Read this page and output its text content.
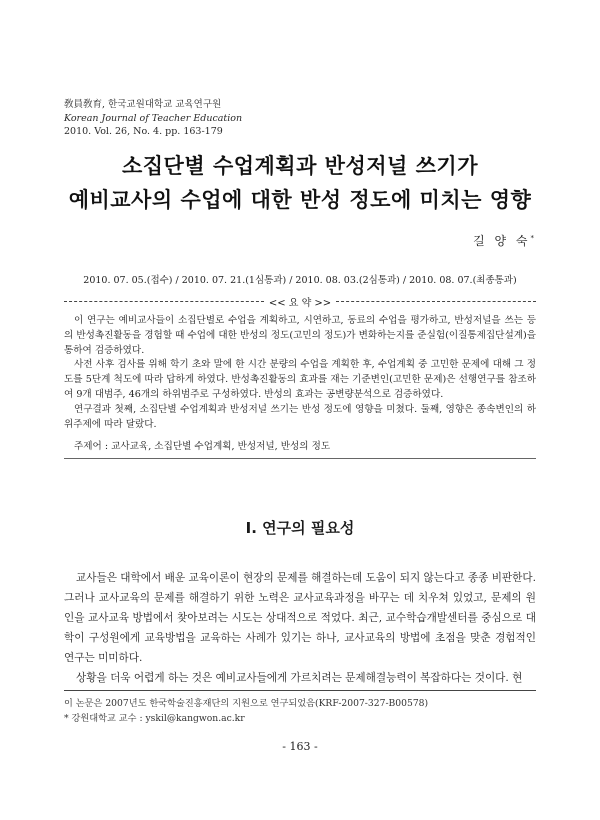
敎員敎育, 한국교원대학교 교육연구원
Korean Journal of Teacher Education
2010. Vol. 26, No. 4. pp. 163-179
소집단별 수업계획과 반성저널 쓰기가
예비교사의 수업에 대한 반성 정도에 미치는 영향
길 양 숙*
2010. 07. 05.(접수) / 2010. 07. 21.(1심통과) / 2010. 08. 03.(2심통과) / 2010. 08. 07.(최종통과)
<< 요 약 >>

이 연구는 예비교사들이 소집단별로 수업을 계획하고, 시연하고, 동료의 수업을 평가하고, 반성저널을 쓰는 등의 반성촉진활동을 경험할 때 수업에 대한 반성의 정도(고민의 정도)가 변화하는지를 준실험(이질통제집단설계)을 통하여 검증하였다.

사전 사후 검사를 위해 학기 초와 말에 한 시간 분량의 수업을 계획한 후, 수업계획 중 고민한 문제에 대해 그 정도를 5단계 척도에 따라 답하게 하였다. 반성촉진활동의 효과를 재는 기준변인(고민한 문제)은 선행연구를 참조하여 9개 대범주, 46개의 하위범주로 구성하였다. 반성의 효과는 공변량분석으로 검증하였다.

연구결과 첫째, 소집단별 수업계획과 반성저널 쓰기는 반성 정도에 영향을 미쳤다. 둘째, 영향은 종속변인의 하위주제에 따라 달랐다.

주제어 : 교사교육, 소집단별 수업계획, 반성저널, 반성의 정도
I. 연구의 필요성

교사들은 대학에서 배운 교육이론이 현장의 문제를 해결하는데 도움이 되지 않는다고 종종 비판한다. 그러나 교사교육의 문제를 해결하기 위한 노력은 교사교육과정을 바꾸는 데 치우쳐 있었고, 문제의 원인을 교사교육 방법에서 찾아보려는 시도는 상대적으로 적었다. 최근, 교수학습개발센터를 중심으로 대학이 구성원에게 교육방법을 교육하는 사례가 있기는 하나, 교사교육의 방법에 초점을 맞춘 경험적인 연구는 미미하다.

상황을 더욱 어렵게 하는 것은 예비교사들에게 가르치려는 문제해결능력이 복잡하다는 것이다. 현

이 논문은 2007년도 한국학술진흥재단의 지원으로 연구되었음(KRF-2007-327-B00578)
* 강원대학교 교수 : yskil@kangwon.ac.kr
- 163 -
